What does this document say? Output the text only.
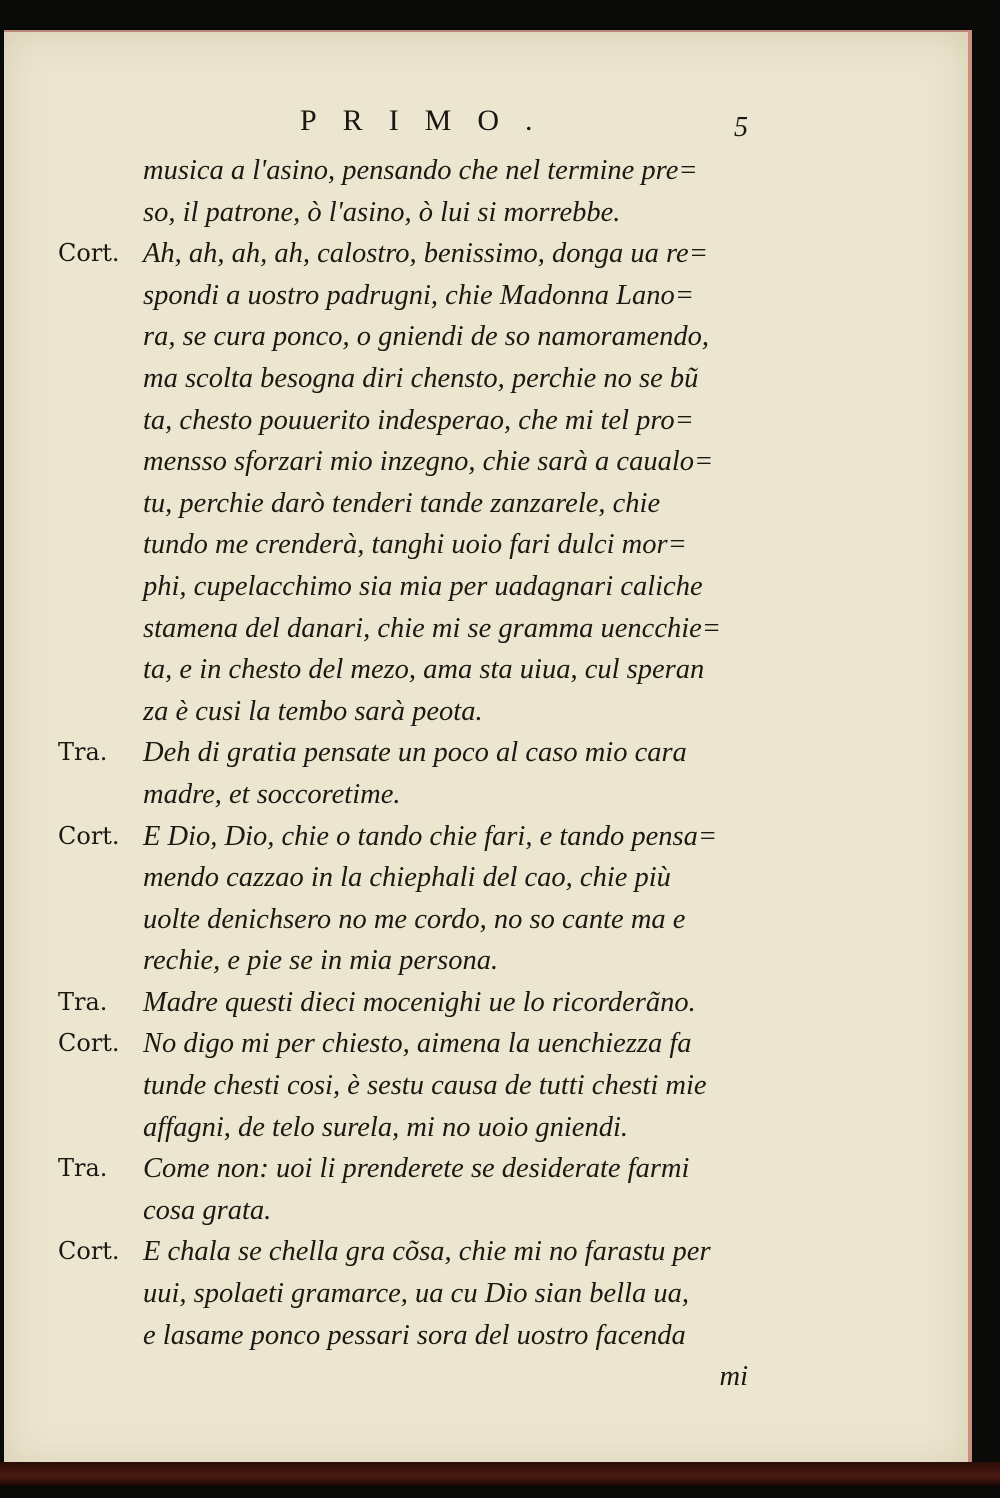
PRIMO.	5
musica a l'asino, pensando che nel termine pre=
so, il patrone, ò l'asino, ò lui si morrebbe.
Cort. Ah, ah, ah, ah, calostro, benissimo, donga ua re=
spondi a uostro padrugni, chie Madonna Lano=
ra, se cura ponco, o gniendi de so namoramendo,
ma scolta besogna diri chensto, perchie no se bũ
ta, chesto pouuerito indesperao, che mi tel pro=
mensso sforzari mio inzegno, chie sarà a caualo=
tu, perchie darò tenderi tande zanzarele, chie
tundo me crenderà, tanghi uoio fari dulci mor=
phi, cupelacchimo sia mia per uadagnari caliche
stamena del danari, chie mi se gramma uencchie=
ta, e in chesto del mezo, ama sta uiua, cul speran
za è cusi la tembo sarà peota.
Tra. Deh di gratia pensate un poco al caso mio cara
madre, et soccoretime.
Cort. E Dio, Dio, chie o tando chie fari, e tando pensa=
mendo cazzao in la chiephali del cao, chie più
uolte denichsero no me cordo, no so cante ma e
rechie, e pie se in mia persona.
Tra. Madre questi dieci mocenighi ue lo ricorderãno.
Cort. No digo mi per chiesto, aimena la uenchiezza fa
tunde chesti cosi, è sestu causa de tutti chesti mie
affagni, de telo surela, mi no uoio gniendi.
Tra. Come non: uoi li prenderete se desiderate farmi
cosa grata.
Cort. E chala se chella gra cõsa, chie mi no farastu per
uui, spolaeti gramarce, ua cu Dio sian bella ua,
e lasame ponco pessari sora del uostro facenda
mi
